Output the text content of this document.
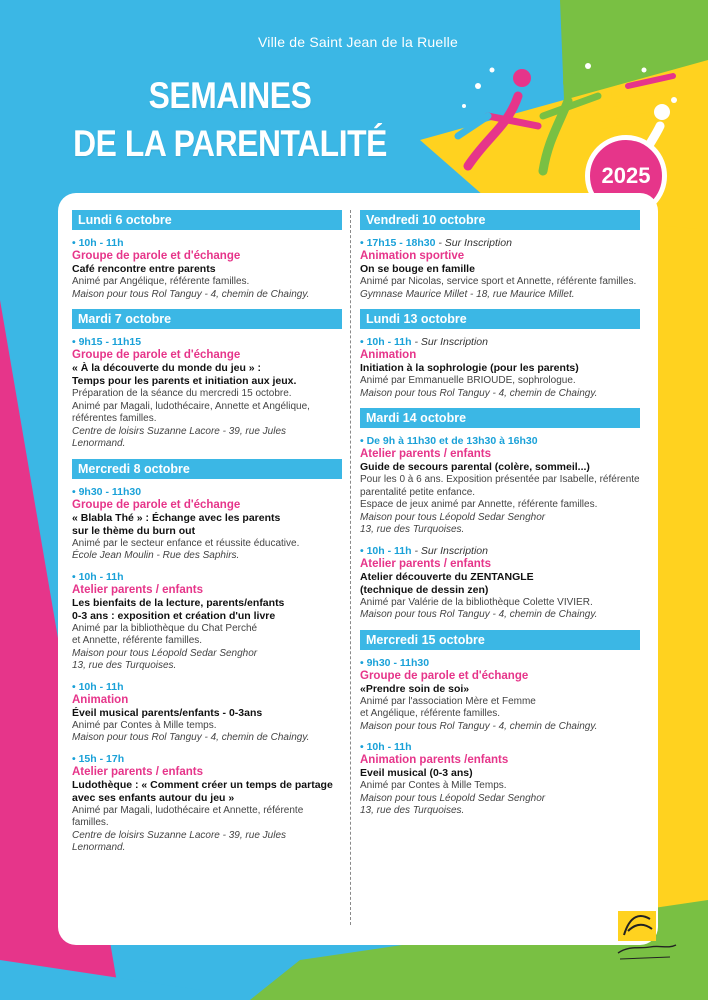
Ville de Saint Jean de la Ruelle
SEMAINES
DE LA PARENTALITÉ
2025
Lundi 6 octobre
• 10h - 11h
Groupe de parole et d'échange
Café rencontre entre parents
Animé par Angélique, référente familles.
Maison pour tous Rol Tanguy - 4, chemin de Chaingy.
Mardi 7 octobre
• 9h15 - 11h15
Groupe de parole et d'échange
« À la découverte du monde du jeu » :
Temps pour les parents et initiation aux jeux.
Préparation de la séance du mercredi 15 octobre.
Animé par Magali, ludothécaire, Annette et Angélique,
référentes familles.
Centre de loisirs Suzanne Lacore - 39, rue Jules Lenormand.
Mercredi 8 octobre
• 9h30 - 11h30
Groupe de parole et d'échange
« Blabla Thé » : Échange avec les parents
sur le thème du burn out
Animé par le secteur enfance et réussite éducative.
École Jean Moulin - Rue des Saphirs.
• 10h - 11h
Atelier parents / enfants
Les bienfaits de la lecture, parents/enfants
0-3 ans : exposition et création d'un livre
Animé par la bibliothèque du Chat Perché
et Annette, référente familles.
Maison pour tous Léopold Sedar Senghor
13, rue des Turquoises.
• 10h - 11h
Animation
Éveil musical parents/enfants - 0-3ans
Animé par Contes à Mille temps.
Maison pour tous Rol Tanguy - 4, chemin de Chaingy.
• 15h - 17h
Atelier parents / enfants
Ludothèque : « Comment créer un temps de partage
avec ses enfants autour du jeu »
Animé par Magali, ludothécaire et Annette, référente familles.
Centre de loisirs Suzanne Lacore - 39, rue Jules Lenormand.
Vendredi 10 octobre
• 17h15 - 18h30 - Sur Inscription
Animation sportive
On se bouge en famille
Animé par Nicolas, service sport et Annette, référente familles.
Gymnase Maurice Millet - 18, rue Maurice Millet.
Lundi 13 octobre
• 10h - 11h - Sur Inscription
Animation
Initiation à la sophrologie (pour les parents)
Animé par Emmanuelle BRIOUDE, sophrologue.
Maison pour tous Rol Tanguy - 4, chemin de Chaingy.
Mardi 14 octobre
• De 9h à 11h30 et de 13h30 à 16h30
Atelier parents / enfants
Guide de secours parental (colère, sommeil...)
Pour les 0 à 6 ans. Exposition présentée par Isabelle, référente
parentalité petite enfance.
Espace de jeux animé par Annette, référente familles.
Maison pour tous Léopold Sedar Senghor
13, rue des Turquoises.
• 10h - 11h - Sur Inscription
Atelier parents / enfants
Atelier découverte du ZENTANGLE
(technique de dessin zen)
Animé par Valérie de la bibliothèque Colette VIVIER.
Maison pour tous Rol Tanguy - 4, chemin de Chaingy.
Mercredi 15 octobre
• 9h30 - 11h30
Groupe de parole et d'échange
«Prendre soin de soi»
Animé par l'association Mère et Femme
et Angélique, référente familles.
Maison pour tous Rol Tanguy - 4, chemin de Chaingy.
• 10h - 11h
Animation parents /enfants
Eveil musical (0-3 ans)
Animé par Contes à Mille Temps.
Maison pour tous Léopold Sedar Senghor
13, rue des Turquoises.
